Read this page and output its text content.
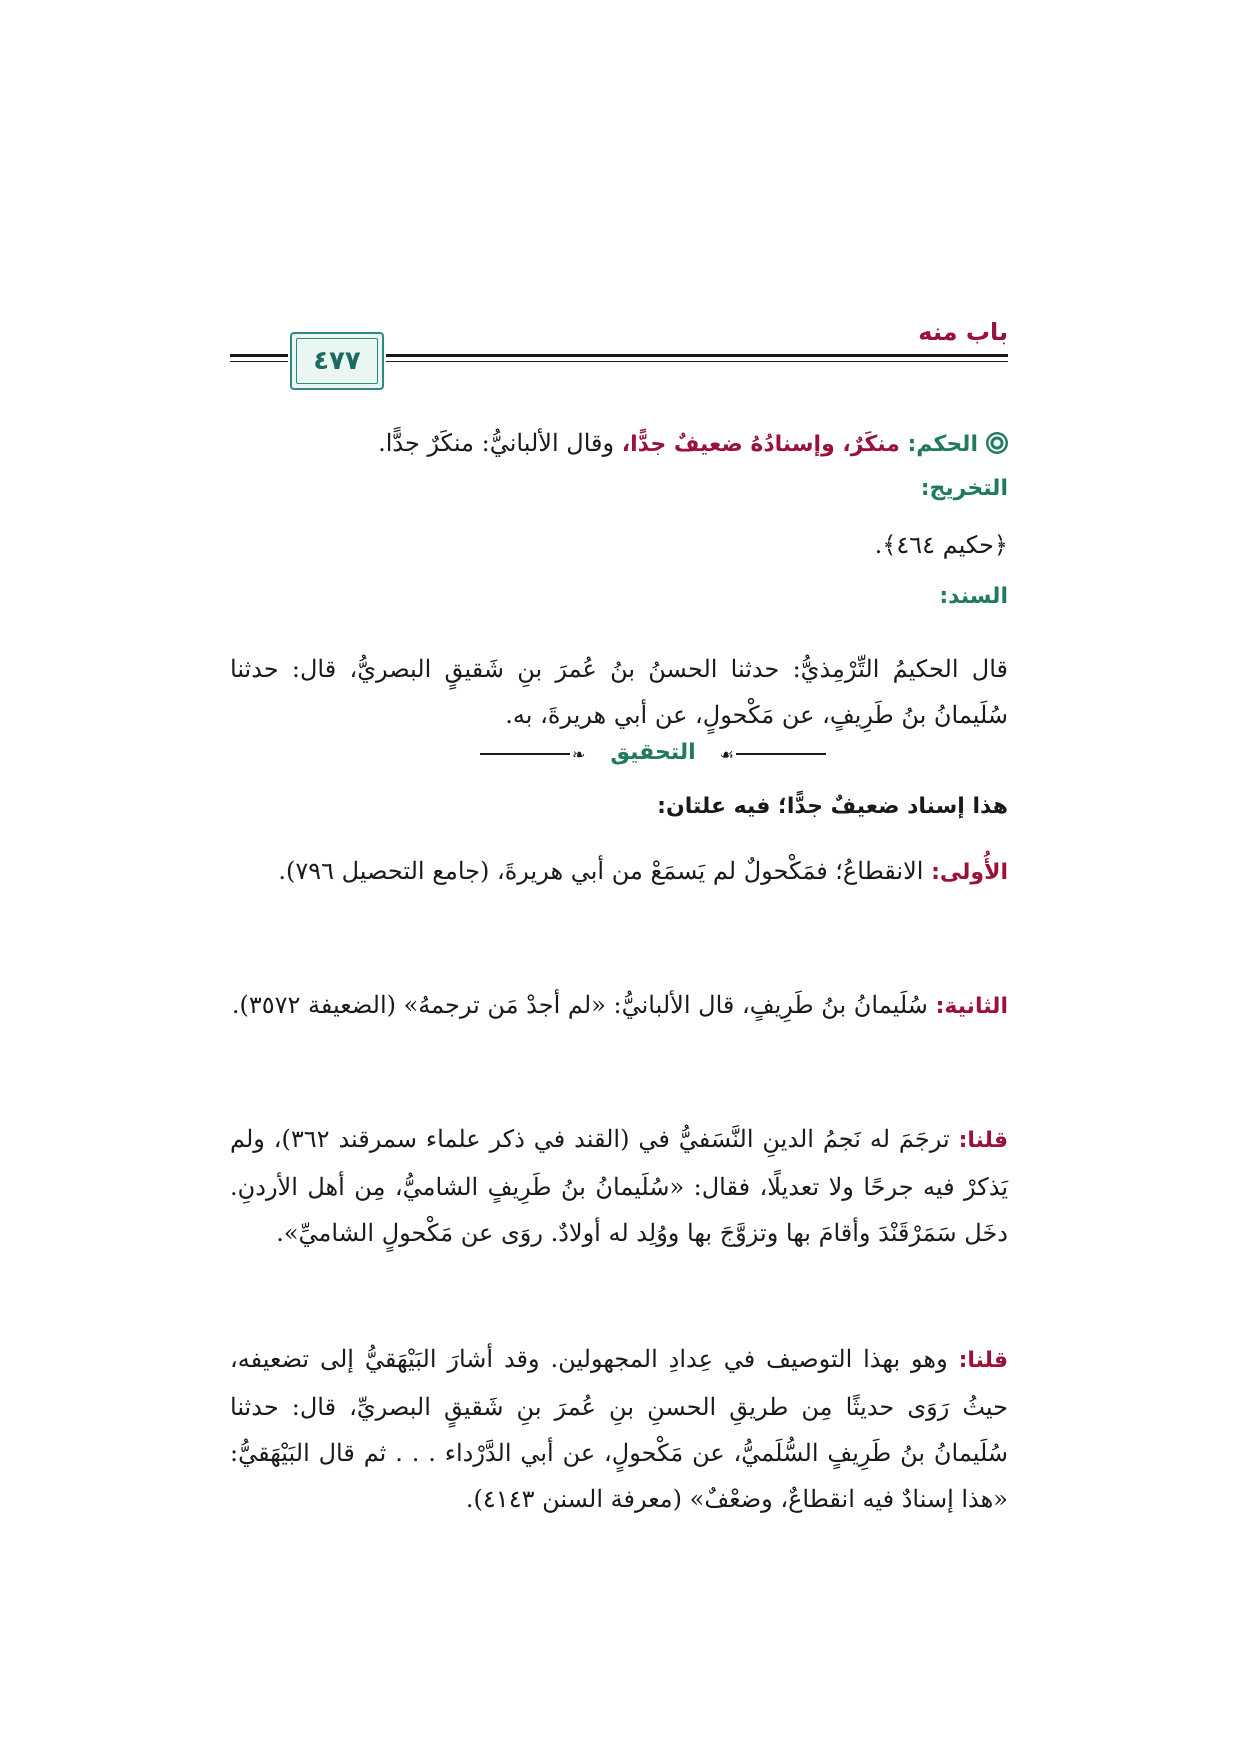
باب منه
٤٧٧
الحكم: منكَرٌ، وإسنادُهُ ضعيفٌ جدًّا، وقال الألبانيُّ: منكَرٌ جدًّا.
التخريج:
﴿حكيم ٤٦٤﴾.
السند:
قال الحكيمُ التِّرْمِذيُّ: حدثنا الحسنُ بنُ عُمرَ بنِ شَقيقٍ البصريُّ، قال: حدثنا سُلَيمانُ بنُ طَرِيفٍ، عن مَكْحولٍ، عن أبي هريرةَ، به.
❧ التحقيق ☙
هذا إسناد ضعيفٌ جدًّا؛ فيه علتان:
الأُولى: الانقطاعُ؛ فمَكْحولٌ لم يَسمَعْ من أبي هريرةَ، (جامع التحصيل ٧٩٦).
الثانية: سُلَيمانُ بنُ طَرِيفٍ، قال الألبانيُّ: «لم أجدْ مَن ترجمهُ» (الضعيفة ٣٥٧٢).
قلنا: ترجَمَ له نَجمُ الدينِ النَّسَفيُّ في (القند في ذكر علماء سمرقند ٣٦٢)، ولم يَذكرْ فيه جرحًا ولا تعديلًا، فقال: «سُلَيمانُ بنُ طَرِيفٍ الشاميُّ، مِن أهل الأردنِ. دخَل سَمَرْقَنْدَ وأقامَ بها وتزوَّجَ بها ووُلِد له أولادٌ. روَى عن مَكْحولٍ الشاميِّ».
قلنا: وهو بهذا التوصيف في عِدادِ المجهولين. وقد أشارَ البَيْهَقيُّ إلى تضعيفه، حيثُ رَوَى حديثًا مِن طريقِ الحسنِ بنِ عُمرَ بنِ شَقيقٍ البصريِّ، قال: حدثنا سُلَيمانُ بنُ طَرِيفٍ السُّلَميُّ، عن مَكْحولٍ، عن أبي الدَّرْداء . . . ثم قال البَيْهَقيُّ: «هذا إسنادٌ فيه انقطاعٌ، وضعْفٌ» (معرفة السنن ٤١٤٣).
